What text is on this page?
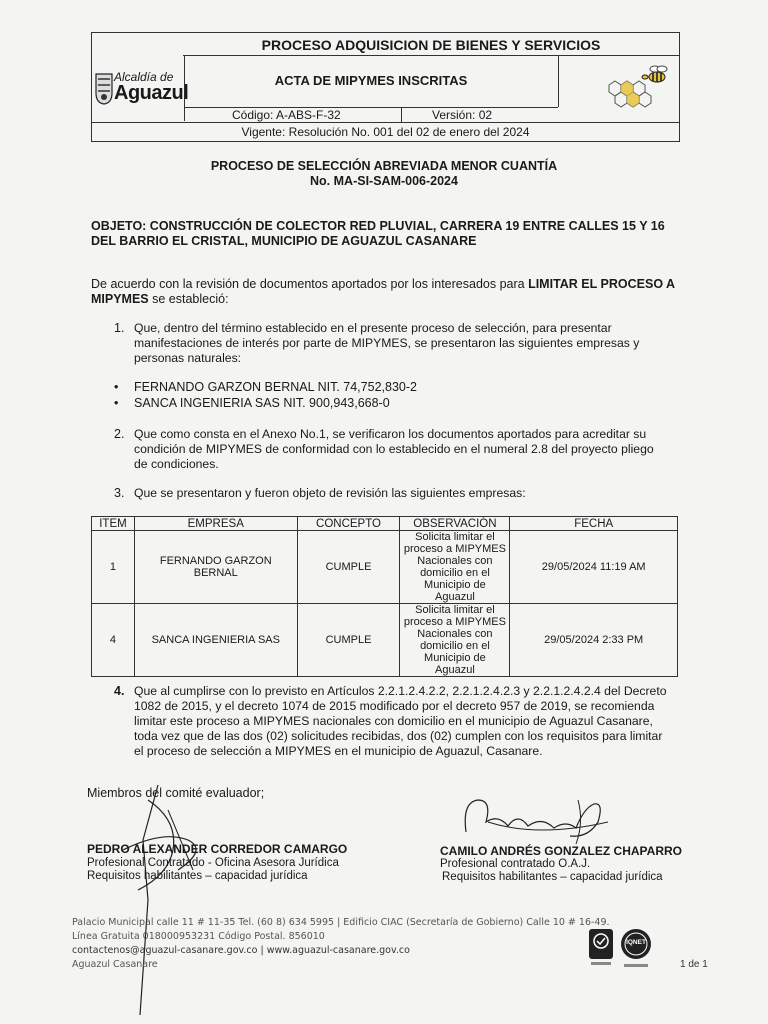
PROCESO ADQUISICION DE BIENES Y SERVICIOS
Alcaldía de
Aguazul
ACTA DE MIPYMES INSCRITAS
Código: A-ABS-F-32	Versión: 02
Vigente: Resolución No. 001 del 02 de enero del 2024
PROCESO DE SELECCIÓN ABREVIADA MENOR CUANTÍA
No. MA-SI-SAM-006-2024
OBJETO: CONSTRUCCIÓN DE COLECTOR RED PLUVIAL, CARRERA 19 ENTRE CALLES 15 Y 16
DEL BARRIO EL CRISTAL, MUNICIPIO DE AGUAZUL CASANARE
De acuerdo con la revisión de documentos aportados por los interesados para LIMITAR EL PROCESO A
MIPYMES se estableció:
1. Que, dentro del término establecido en el presente proceso de selección, para presentar
manifestaciones de interés por parte de MIPYMES, se presentaron las siguientes empresas y
personas naturales:
• FERNANDO GARZON BERNAL NIT. 74,752,830-2
• SANCA INGENIERIA SAS NIT. 900,943,668-0
2. Que como consta en el Anexo No.1, se verificaron los documentos aportados para acreditar su
condición de MIPYMES de conformidad con lo establecido en el numeral 2.8 del proyecto pliego
de condiciones.
3. Que se presentaron y fueron objeto de revisión las siguientes empresas:
ITEM	EMPRESA	CONCEPTO	OBSERVACIÓN	FECHA
1	FERNANDO GARZON BERNAL	CUMPLE	Solicita limitar el proceso a MIPYMES Nacionales con domicilio en el Municipio de Aguazul	29/05/2024 11:19 AM
4	SANCA INGENIERIA SAS	CUMPLE	Solicita limitar el proceso a MIPYMES Nacionales con domicilio en el Municipio de Aguazul	29/05/2024 2:33 PM
4. Que al cumplirse con lo previsto en Artículos 2.2.1.2.4.2.2, 2.2.1.2.4.2.3 y 2.2.1.2.4.2.4 del Decreto
1082 de 2015, y el decreto 1074 de 2015 modificado por el decreto 957 de 2019, se recomienda
limitar este proceso a MIPYMES nacionales con domicilio en el municipio de Aguazul Casanare,
toda vez que de las dos (02) solicitudes recibidas, dos (02) cumplen con los requisitos para limitar
el proceso de selección a MIPYMES en el municipio de Aguazul, Casanare.
Miembros del comité evaluador;
PEDRO ALEXANDER CORREDOR CAMARGO
Profesional Contratado - Oficina Asesora Jurídica
Requisitos habilitantes – capacidad jurídica
CAMILO ANDRÉS GONZALEZ CHAPARRO
Profesional contratado O.A.J.
Requisitos habilitantes – capacidad jurídica
Palacio Municipal calle 11 # 11-35 Tel. (60 8) 634 5995 | Edificio CIAC (Secretaría de Gobierno) Calle 10 # 16-49.
Línea Gratuita 018000953231 Código Postal. 856010
contactenos@aguazul-casanare.gov.co | www.aguazul-casanare.gov.co
Aguazul Casanare
IQNET
1 de 1
